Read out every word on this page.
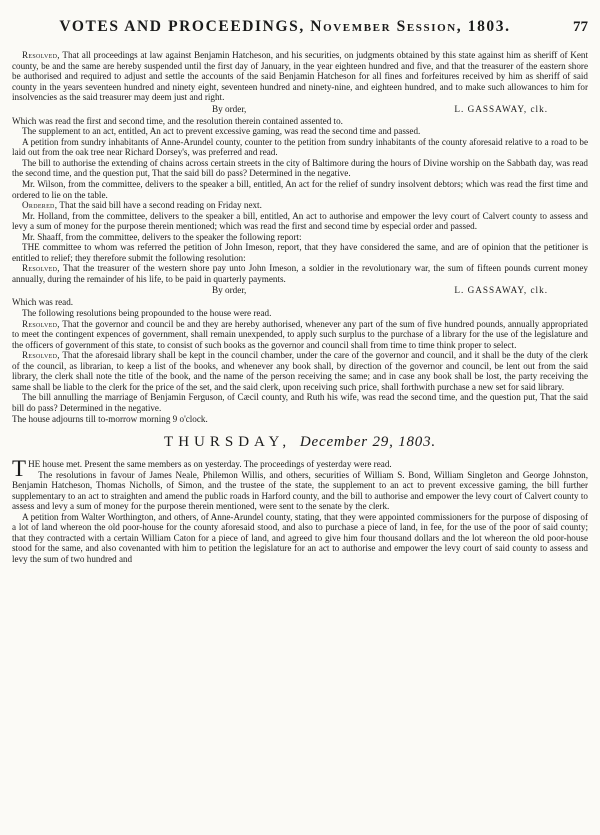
VOTES AND PROCEEDINGS, November Session, 1803.	77

Resolved, That all proceedings at law against Benjamin Hatcheson, and his securities, on judgments obtained by this state against him as sheriff of Kent county, be and the same are hereby suspended until the first day of January, in the year eighteen hundred and five, and that the treasurer of the eastern shore be authorised and required to adjust and settle the accounts of the said Benjamin Hatcheson for all fines and forfeitures received by him as sheriff of said county in the years seventeen hundred and ninety eight, seventeen hundred and ninety-nine, and eighteen hundred, and to make such allowances to him for insolvencies as the said treasurer may deem just and right.

By order,	L. GASSAWAY, clk.

Which was read the first and second time, and the resolution therein contained assented to.

The supplement to an act, entitled, An act to prevent excessive gaming, was read the second time and passed.

A petition from sundry inhabitants of Anne-Arundel county, counter to the petition from sundry inhabitants of the county aforesaid relative to a road to be laid out from the oak tree near Richard Dorsey's, was preferred and read.

The bill to authorise the extending of chains across certain streets in the city of Baltimore during the hours of Divine worship on the Sabbath day, was read the second time, and the question put, That the said bill do pass? Determined in the negative.

Mr. Wilson, from the committee, delivers to the speaker a bill, entitled, An act for the relief of sundry insolvent debtors; which was read the first time and ordered to lie on the table.

Ordered, That the said bill have a second reading on Friday next.

Mr. Holland, from the committee, delivers to the speaker a bill, entitled, An act to authorise and empower the levy court of Calvert county to assess and levy a sum of money for the purpose therein mentioned; which was read the first and second time by especial order and passed.

Mr. Shaaff, from the committee, delivers to the speaker the following report:

THE committee to whom was referred the petition of John Imeson, report, that they have considered the same, and are of opinion that the petitioner is entitled to relief; they therefore submit the following resolution:

Resolved, That the treasurer of the western shore pay unto John Imeson, a soldier in the revolutionary war, the sum of fifteen pounds current money annually, during the remainder of his life, to be paid in quarterly payments.

By order,	L. GASSAWAY, clk.

Which was read.

The following resolutions being propounded to the house were read.

Resolved, That the governor and council be and they are hereby authorised, whenever any part of the sum of five hundred pounds, annually appropriated to meet the contingent expences of government, shall remain unexpended, to apply such surplus to the purchase of a library for the use of the legislature and the officers of government of this state, to consist of such books as the governor and council shall from time to time think proper to select.

Resolved, That the aforesaid library shall be kept in the council chamber, under the care of the governor and council, and it shall be the duty of the clerk of the council, as librarian, to keep a list of the books, and whenever any book shall, by direction of the governor and council, be lent out from the said library, the clerk shall note the title of the book, and the name of the person receiving the same; and in case any book shall be lost, the party receiving the same shall be liable to the clerk for the price of the set, and the said clerk, upon receiving such price, shall forthwith purchase a new set for said library.

The bill annulling the marriage of Benjamin Ferguson, of Cæcil county, and Ruth his wife, was read the second time, and the question put, That the said bill do pass? Determined in the negative.

The house adjourns till to-morrow morning 9 o'clock.

THURSDAY, December 29, 1803.

THE house met. Present the same members as on yesterday. The proceedings of yesterday were read.

The resolutions in favour of James Neale, Philemon Willis, and others, securities of William S. Bond, William Singleton and George Johnston, Benjamin Hatcheson, Thomas Nicholls, of Simon, and the trustee of the state, the supplement to an act to prevent excessive gaming, the bill further supplementary to an act to straighten and amend the public roads in Harford county, and the bill to authorise and empower the levy court of Calvert county to assess and levy a sum of money for the purpose therein mentioned, were sent to the senate by the clerk.

A petition from Walter Worthington, and others, of Anne-Arundel county, stating, that they were appointed commissioners for the purpose of disposing of a lot of land whereon the old poor-house for the county aforesaid stood, and also to purchase a piece of land, in fee, for the use of the poor of said county; that they contracted with a certain William Caton for a piece of land, and agreed to give him four thousand dollars and the lot whereon the old poor-house stood for the same, and also covenanted with him to petition the legislature for an act to authorise and empower the levy court of said county to assess and levy the sum of two hundred and
